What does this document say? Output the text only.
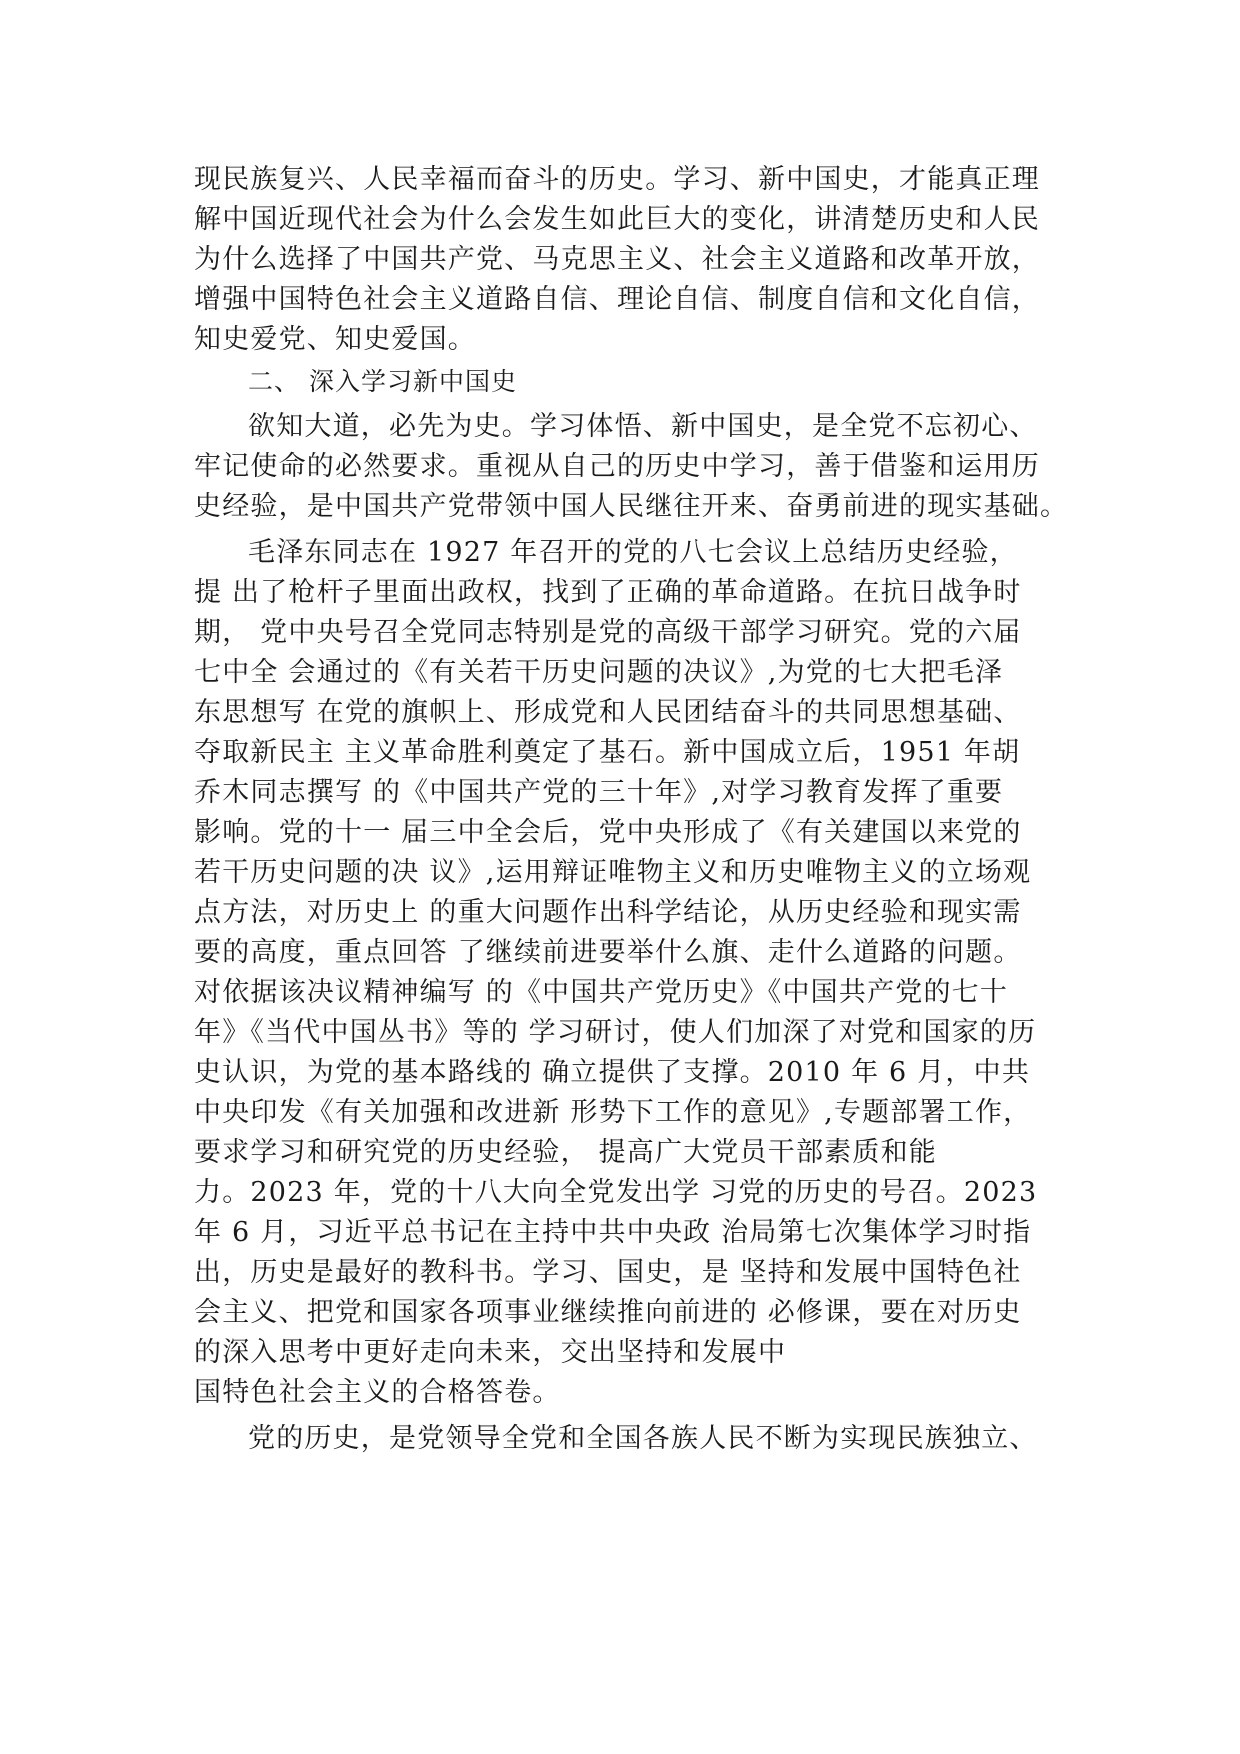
现民族复兴、人民幸福而奋斗的历史。学习、新中国史，才能真正理
解中国近现代社会为什么会发生如此巨大的变化，讲清楚历史和人民
为什么选择了中国共产党、马克思主义、社会主义道路和改革开放，
增强中国特色社会主义道路自信、理论自信、制度自信和文化自信，
知史爱党、知史爱国。
二、 深入学习新中国史
欲知大道，必先为史。学习体悟、新中国史，是全党不忘初心、
牢记使命的必然要求。重视从自己的历史中学习，善于借鉴和运用历
史经验，是中国共产党带领中国人民继往开来、奋勇前进的现实基础。
毛泽东同志在 1927 年召开的党的八七会议上总结历史经验，
提 出了枪杆子里面出政权，找到了正确的革命道路。在抗日战争时
期， 党中央号召全党同志特别是党的高级干部学习研究。党的六届
七中全 会通过的《有关若干历史问题的决议》,为党的七大把毛泽
东思想写 在党的旗帜上、形成党和人民团结奋斗的共同思想基础、
夺取新民主 主义革命胜利奠定了基石。新中国成立后，1951 年胡
乔木同志撰写 的《中国共产党的三十年》,对学习教育发挥了重要
影响。党的十一 届三中全会后，党中央形成了《有关建国以来党的
若干历史问题的决 议》,运用辩证唯物主义和历史唯物主义的立场观
点方法，对历史上 的重大问题作出科学结论，从历史经验和现实需
要的高度，重点回答 了继续前进要举什么旗、走什么道路的问题。
对依据该决议精神编写 的《中国共产党历史》《中国共产党的七十
年》《当代中国丛书》等的 学习研讨，使人们加深了对党和国家的历
史认识，为党的基本路线的 确立提供了支撑。2010 年 6 月，中共
中央印发《有关加强和改进新 形势下工作的意见》,专题部署工作，
要求学习和研究党的历史经验， 提高广大党员干部素质和能
力。2023 年，党的十八大向全党发出学 习党的历史的号召。2023
年 6 月，习近平总书记在主持中共中央政 治局第七次集体学习时指
出，历史是最好的教科书。学习、国史，是 坚持和发展中国特色社
会主义、把党和国家各项事业继续推向前进的 必修课，要在对历史
的深入思考中更好走向未来，交出坚持和发展中
国特色社会主义的合格答卷。
党的历史，是党领导全党和全国各族人民不断为实现民族独立、
